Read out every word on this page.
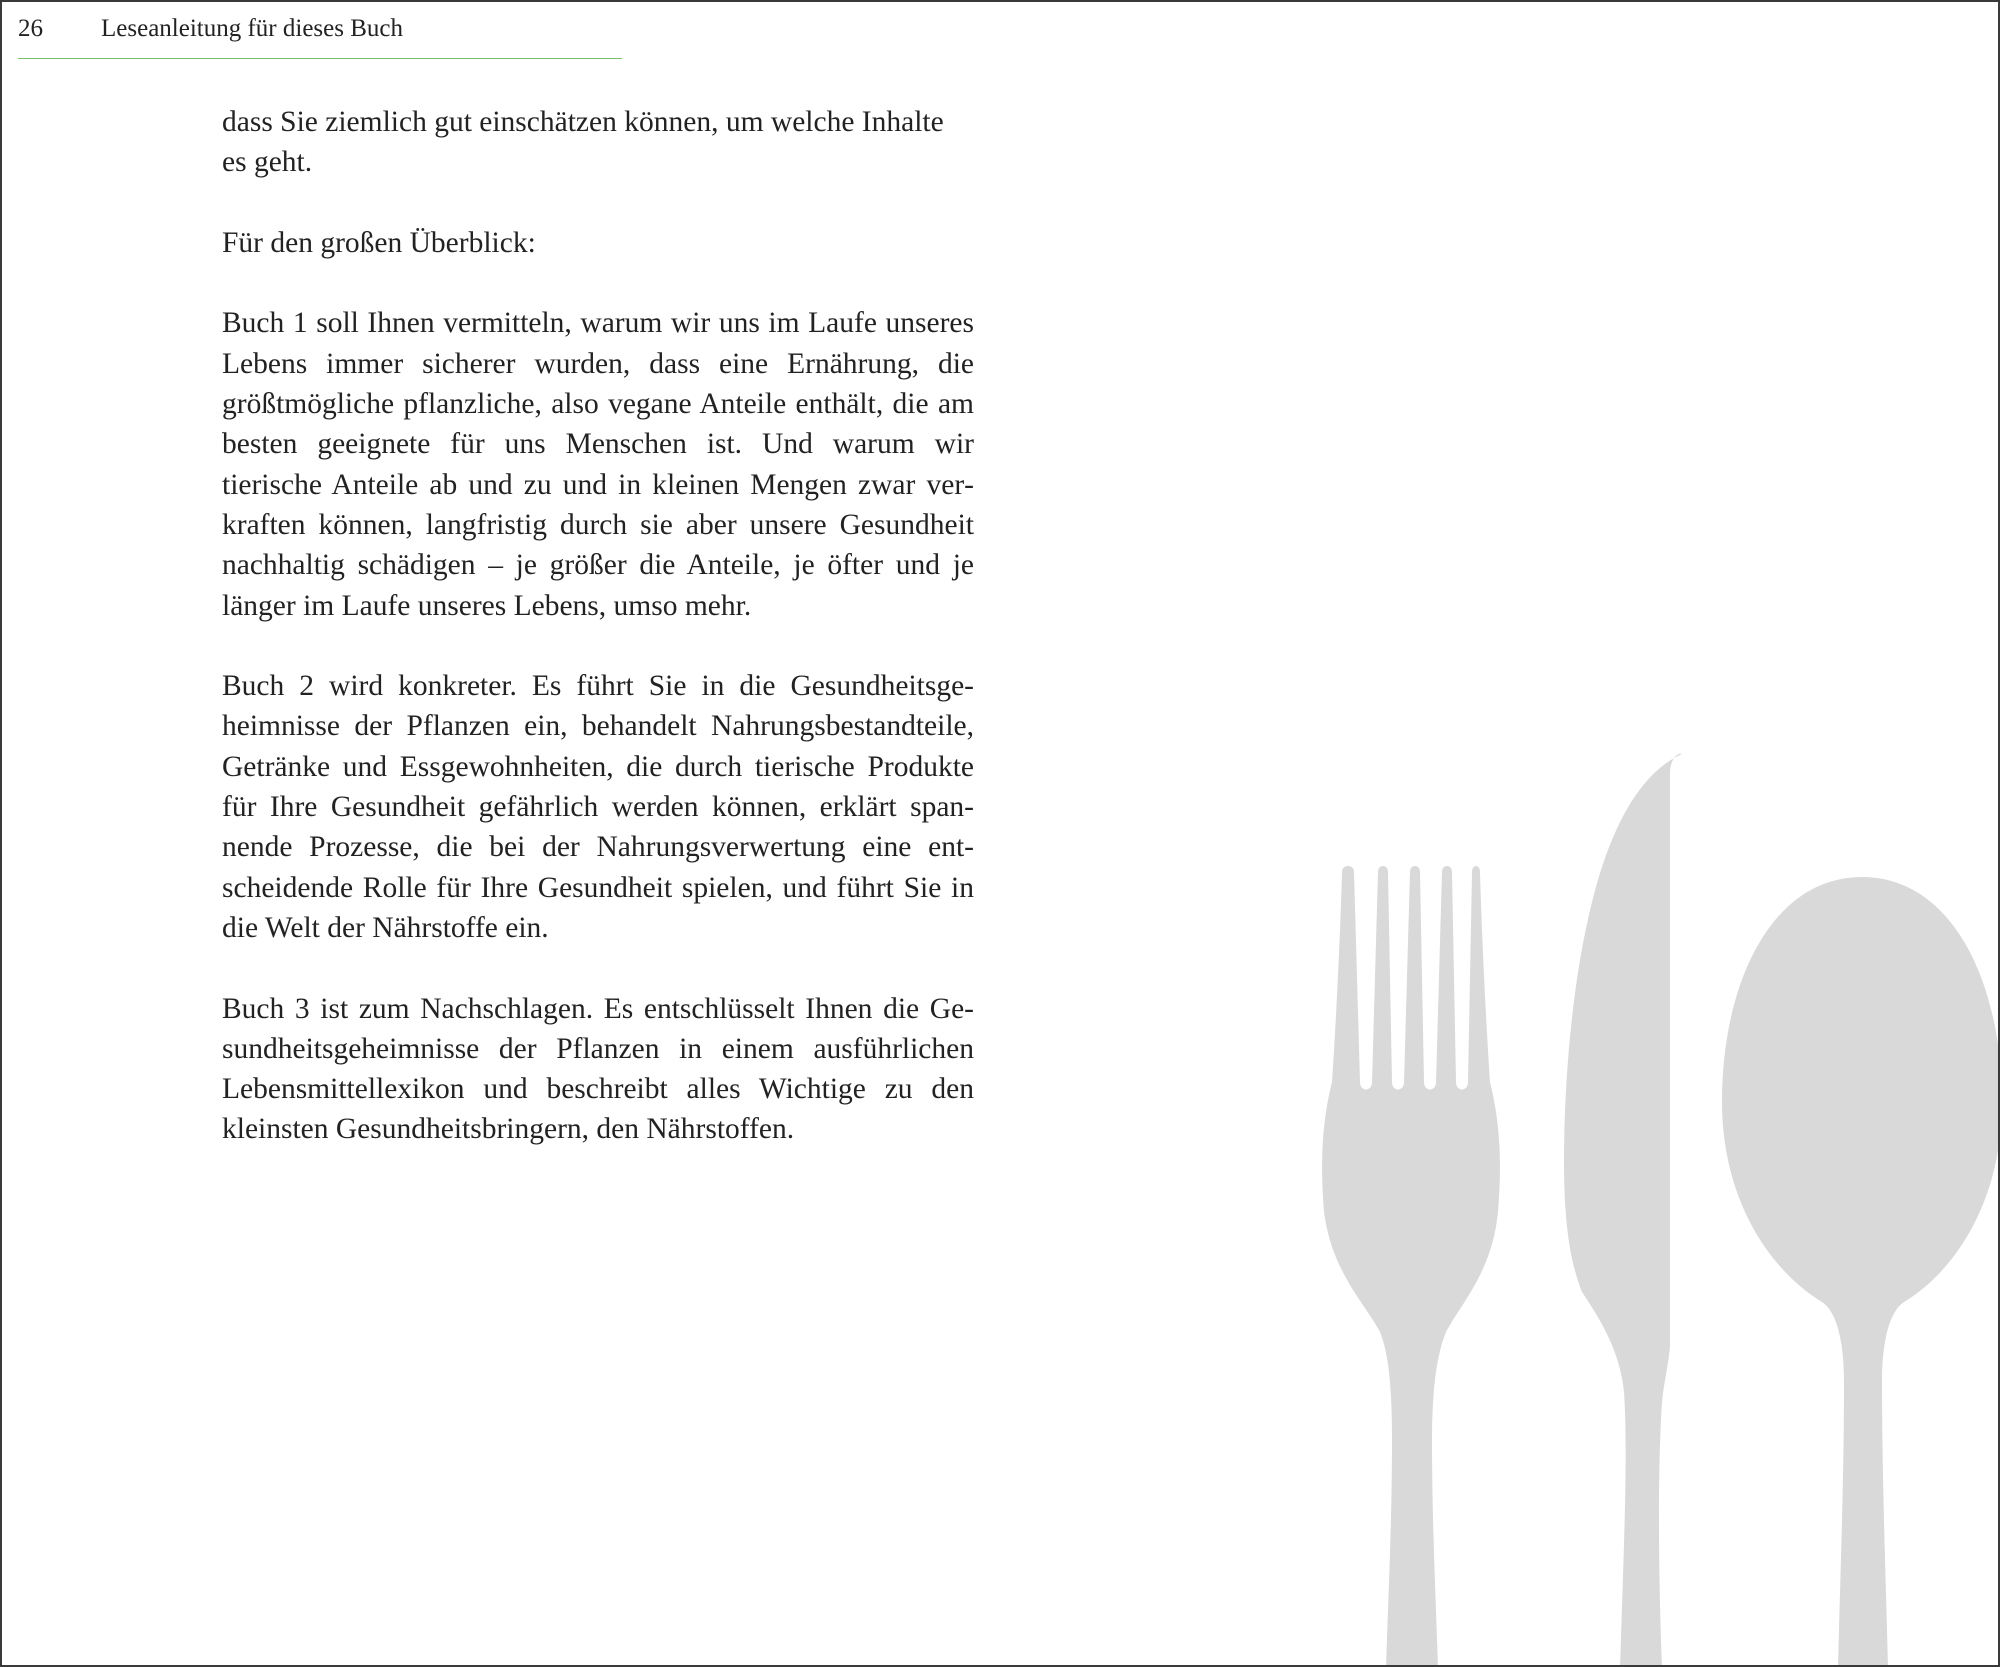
26 Leseanleitung für dieses Buch

dass Sie ziemlich gut einschätzen können, um welche Inhalte es geht.

Für den großen Überblick:

Buch 1 soll Ihnen vermitteln, warum wir uns im Laufe unseres Lebens immer sicherer wurden, dass eine Ernährung, die größtmögliche pflanzliche, also vegane Anteile enthält, die am besten geeignete für uns Menschen ist. Und warum wir tierische Anteile ab und zu und in kleinen Mengen zwar verkraften können, langfristig durch sie aber unsere Gesundheit nachhaltig schädigen – je größer die Anteile, je öfter und je länger im Laufe unseres Lebens, umso mehr.

Buch 2 wird konkreter. Es führt Sie in die Gesundheitsgeheimnisse der Pflanzen ein, behandelt Nahrungsbestandteile, Getränke und Essgewohnheiten, die durch tierische Produkte für Ihre Gesundheit gefährlich werden können, erklärt spannende Prozesse, die bei der Nahrungsverwertung eine entscheidende Rolle für Ihre Gesundheit spielen, und führt Sie in die Welt der Nährstoffe ein.

Buch 3 ist zum Nachschlagen. Es entschlüsselt Ihnen die Gesundheitsgeheimnisse der Pflanzen in einem ausführlichen Lebensmittellexikon und beschreibt alles Wichtige zu den kleinsten Gesundheitsbringern, den Nährstoffen.
